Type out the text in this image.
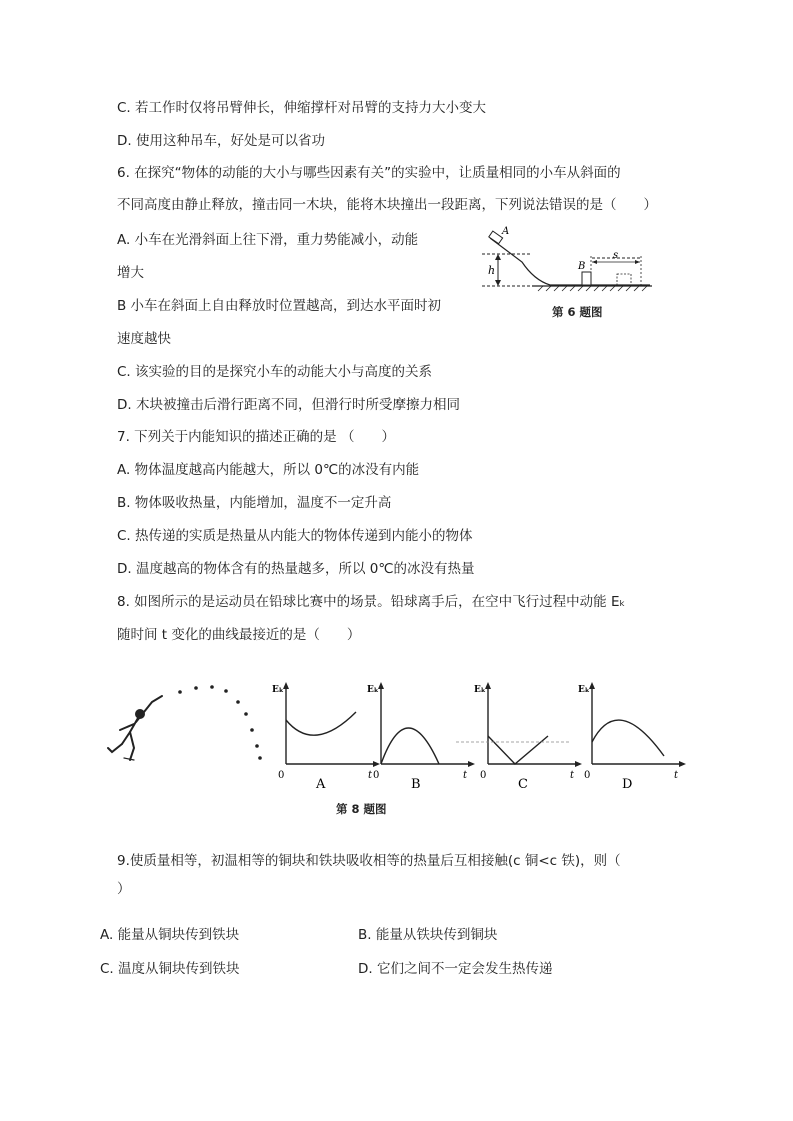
C. 若工作时仅将吊臂伸长，伸缩撑杆对吊臂的支持力大小变大
D. 使用这种吊车，好处是可以省功
6. 在探究“物体的动能的大小与哪些因素有关”的实验中，让质量相同的小车从斜面的
不同高度由静止释放，撞击同一木块，能将木块撞出一段距离，下列说法错误的是（　　）
A. 小车在光滑斜面上往下滑，重力势能减小，动能
增大
B 小车在斜面上自由释放时位置越高，到达水平面时初
速度越快
C. 该实验的目的是探究小车的动能大小与高度的关系
D. 木块被撞击后滑行距离不同，但滑行时所受摩擦力相同
h
A
B
s
第 6 题图
7. 下列关于内能知识的描述正确的是 （　　）
A. 物体温度越高内能越大，所以 0℃的冰没有内能
B. 物体吸收热量，内能增加，温度不一定升高
C. 热传递的实质是热量从内能大的物体传递到内能小的物体
D. 温度越高的物体含有的热量越多，所以 0℃的冰没有热量
8. 如图所示的是运动员在铅球比赛中的场景。铅球离手后，在空中飞行过程中动能 Eₖ
随时间 t 变化的曲线最接近的是（　　）
Eₖ
0	t
A
Eₖ
0	t
B
Eₖ
0	t
C
Eₖ
0	t
D
第 8 题图
9.使质量相等，初温相等的铜块和铁块吸收相等的热量后互相接触(c 铜<c 铁)，则（
）
A. 能量从铜块传到铁块	B. 能量从铁块传到铜块
C. 温度从铜块传到铁块	D. 它们之间不一定会发生热传递
